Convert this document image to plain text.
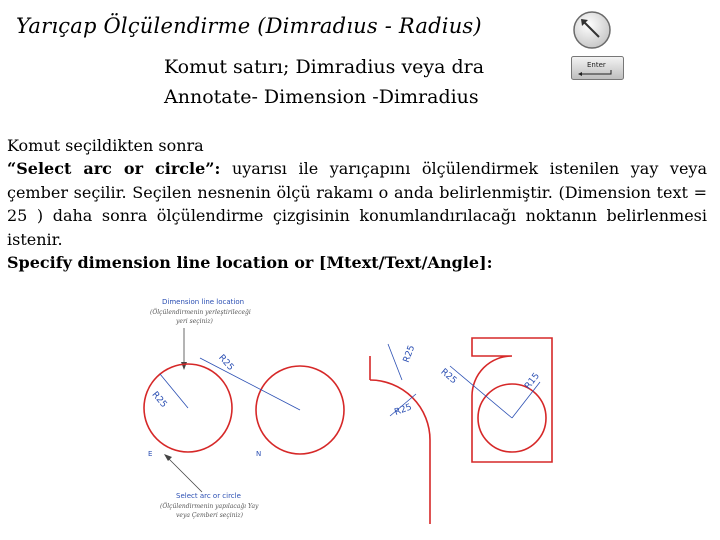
Yarıçap Ölçülendirme (Dimradıus - Radius)
Komut satırı; Dimradius veya dra
Annotate- Dimension -Dimradius
Enter

Komut seçildikten sonra

“Select arc or circle”: uyarısı ile yarıçapını ölçülendirmek istenilen yay veya çember seçilir. Seçilen nesnenin ölçü rakamı o anda belirlenmiştir. (Dimension text = 25 ) daha sonra ölçülendirme çizgisinin konumlandırılacağı noktanın belirlenmesi istenir.

Specify dimension line location or [Mtext/Text/Angle]:

Dimension line location
(Ölçülendirmenin yerleştirileceği
yeri seçiniz)
R25
R25
E	N
Select arc or circle
(Ölçülendirmenin yapılacağı Yay
veya Çemberi seçiniz)
R25
R25
R25	R15
